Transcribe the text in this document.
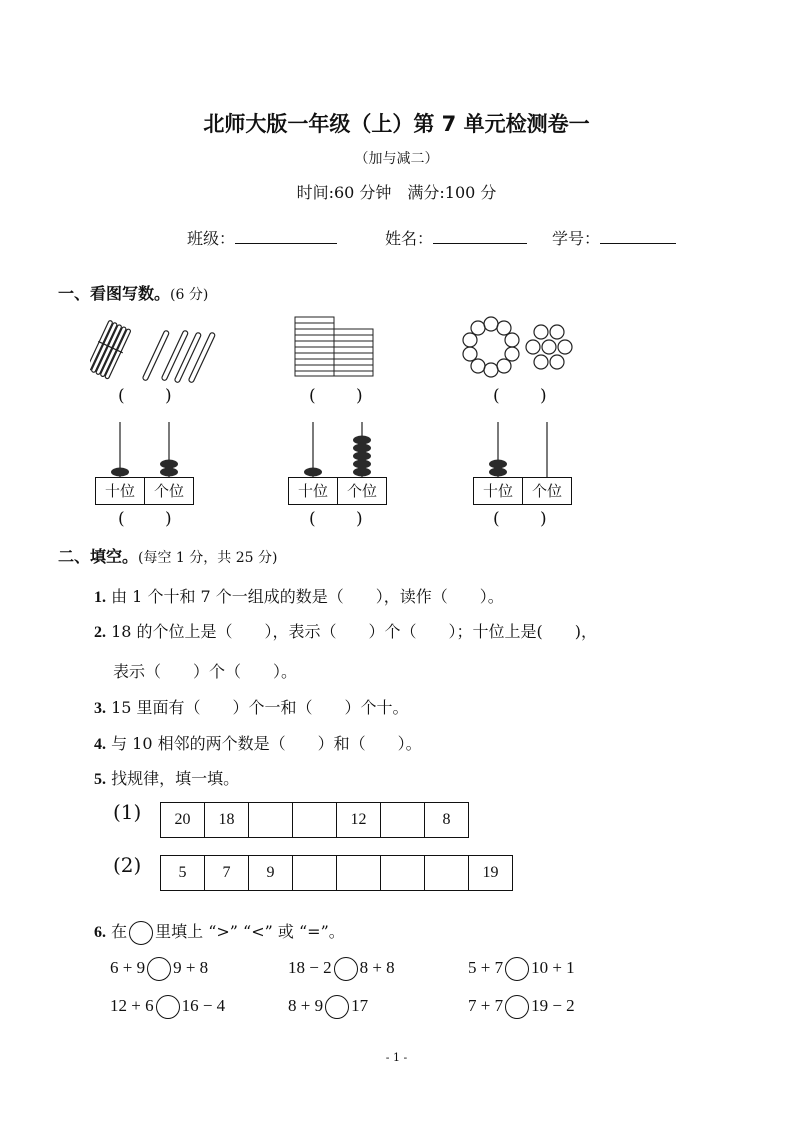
北师大版一年级（上）第 7 单元检测卷一
（加与减二）
时间:60 分钟　满分:100 分
班级：	姓名：	学号：
一、看图写数。(6 分)
( )	( )	( )
十位	个位	十位	个位	十位	个位
( )	( )	( )
二、填空。(每空 1 分，共 25 分)
1. 由 1 个十和 7 个一组成的数是（　　），读作（　　）。
2. 18 的个位上是（　　），表示（　　）个（　　）；十位上是(　　)，
表示（　　）个（　　）。
3. 15 里面有（　　）个一和（　　）个十。
4. 与 10 相邻的两个数是（　　）和（　　）。
5. 找规律，填一填。
(1) 20	18			12		8
(2) 5	7	9					19
6. 在 里填上 “>” “<” 或 “=”。
6 + 9 9 + 8	18 − 2 8 + 8	5 + 7 10 + 1
12 + 6 16 − 4	8 + 9 17	7 + 7 19 − 2
- 1 -
